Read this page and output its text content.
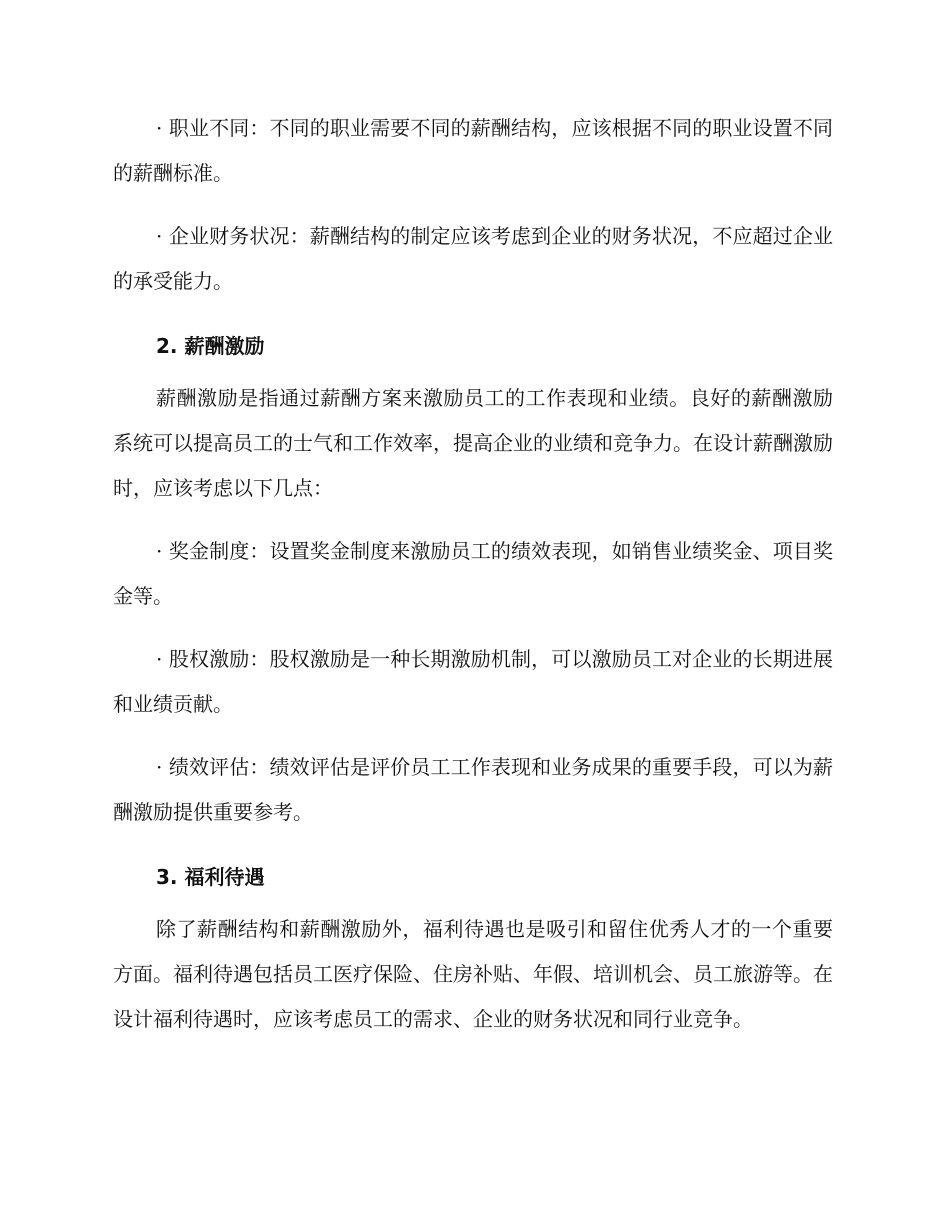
· 职业不同：不同的职业需要不同的薪酬结构，应该根据不同的职业设置不同的薪酬标准。

· 企业财务状况：薪酬结构的制定应该考虑到企业的财务状况，不应超过企业的承受能力。

2. 薪酬激励

薪酬激励是指通过薪酬方案来激励员工的工作表现和业绩。良好的薪酬激励系统可以提高员工的士气和工作效率，提高企业的业绩和竞争力。在设计薪酬激励时，应该考虑以下几点：

· 奖金制度：设置奖金制度来激励员工的绩效表现，如销售业绩奖金、项目奖金等。

· 股权激励：股权激励是一种长期激励机制，可以激励员工对企业的长期进展和业绩贡献。

· 绩效评估：绩效评估是评价员工工作表现和业务成果的重要手段，可以为薪酬激励提供重要参考。

3. 福利待遇

除了薪酬结构和薪酬激励外，福利待遇也是吸引和留住优秀人才的一个重要方面。福利待遇包括员工医疗保险、住房补贴、年假、培训机会、员工旅游等。在设计福利待遇时，应该考虑员工的需求、企业的财务状况和同行业竞争。
